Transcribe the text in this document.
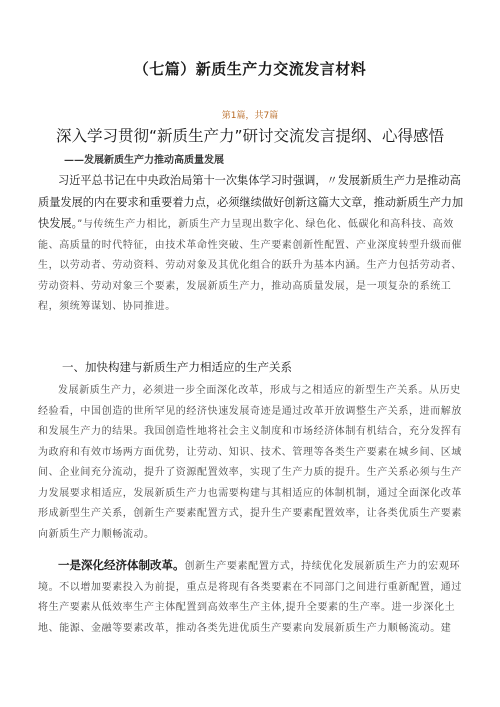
（七篇）新质生产力交流发言材料
第1篇，共7篇
深入学习贯彻“新质生产力”研讨交流发言提纲、心得感悟
——发展新质生产力推动高质量发展

习近平总书记在中央政治局第十一次集体学习时强调，〃发展新质生产力是推动高质量发展的内在要求和重要着力点，必须继续做好创新这篇大文章，推动新质生产力加快发展。”与传统生产力相比，新质生产力呈现出数字化、绿色化、低碳化和高科技、高效能、高质量的时代特征，由技术革命性突破、生产要素创新性配置、产业深度转型升级而催生，以劳动者、劳动资料、劳动对象及其优化组合的跃升为基本内涵。生产力包括劳动者、劳动资料、劳动对象三个要素，发展新质生产力，推动高质量发展，是一项复杂的系统工程，须统筹谋划、协同推进。

一、加快构建与新质生产力相适应的生产关系

发展新质生产力，必须进一步全面深化改革，形成与之相适应的新型生产关系。从历史经验看，中国创造的世所罕见的经济快速发展奇迹是通过改革开放调整生产关系，进而解放和发展生产力的结果。我国创造性地将社会主义制度和市场经济体制有机结合，充分发挥有为政府和有效市场两方面优势，让劳动、知识、技术、管理等各类生产要素在城乡间、区域间、企业间充分流动，提升了资源配置效率，实现了生产力质的提升。生产关系必须与生产力发展要求相适应，发展新质生产力也需要构建与其相适应的体制机制，通过全面深化改革形成新型生产关系，创新生产要素配置方式，提升生产要素配置效率，让各类优质生产要素向新质生产力顺畅流动。

一是深化经济体制改革。创新生产要素配置方式，持续优化发展新质生产力的宏观环境。不以增加要素投入为前提，重点是将现有各类要素在不同部门之间进行重新配置，通过将生产要素从低效率生产主体配置到高效率生产主体,提升全要素的生产率。进一步深化土地、能源、金融等要素改革，推动各类先进优质生产要素向发展新质生产力顺畅流动。建
